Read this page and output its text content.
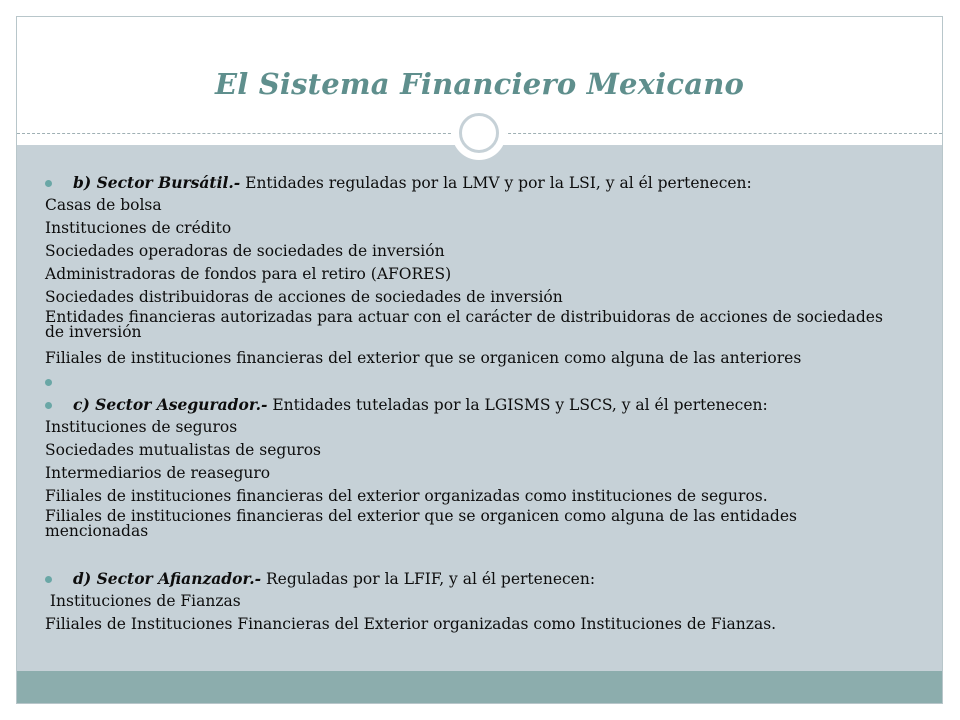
El Sistema Financiero Mexicano

b) Sector Bursátil.- Entidades reguladas por la LMV y por la LSI, y al él pertenecen:

Casas de bolsa

Instituciones de crédito

Sociedades operadoras de sociedades de inversión

Administradoras de fondos para el retiro (AFORES)

Sociedades distribuidoras de acciones de sociedades de inversión

Entidades financieras autorizadas para actuar con el carácter de distribuidoras de acciones de sociedades de inversión

Filiales de instituciones financieras del exterior que se organicen como alguna de las anteriores

c) Sector Asegurador.- Entidades tuteladas por la LGISMS y LSCS, y al él pertenecen:

Instituciones de seguros

Sociedades mutualistas de seguros

Intermediarios de reaseguro

Filiales de instituciones financieras del exterior organizadas como instituciones de seguros.

Filiales de instituciones financieras del exterior que se organicen como alguna de las entidades mencionadas

d) Sector Afianzador.- Reguladas por la LFIF, y al él pertenecen:

Instituciones de Fianzas

Filiales de Instituciones Financieras del Exterior organizadas como Instituciones de Fianzas.
